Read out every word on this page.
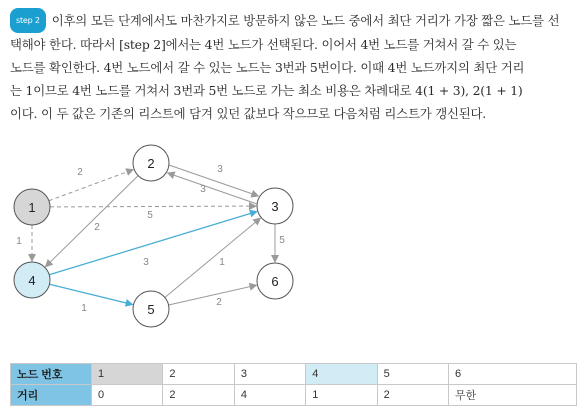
step 2 이후의 모든 단계에서도 마찬가지로 방문하지 않은 노드 중에서 최단 거리가 가장 짧은 노드를 선
택해야 한다. 따라서 [step 2]에서는 4번 노드가 선택된다. 이어서 4번 노드를 거쳐서 갈 수 있는
노드를 확인한다. 4번 노드에서 갈 수 있는 노드는 3번과 5번이다. 이때 4번 노드까지의 최단 거리
는 1이므로 4번 노드를 거쳐서 3번과 5번 노드로 가는 최소 비용은 차례대로 4(1 + 3), 2(1 + 1)
이다. 이 두 값은 기존의 리스트에 담겨 있던 값보다 작으므로 다음처럼 리스트가 갱신된다.
2
5
1
3
3
2
3
1
1
2
5
1
2
3
4
5
6
노드 번호	1	2	3	4	5	6
거리	0	2	4	1	2	무한
